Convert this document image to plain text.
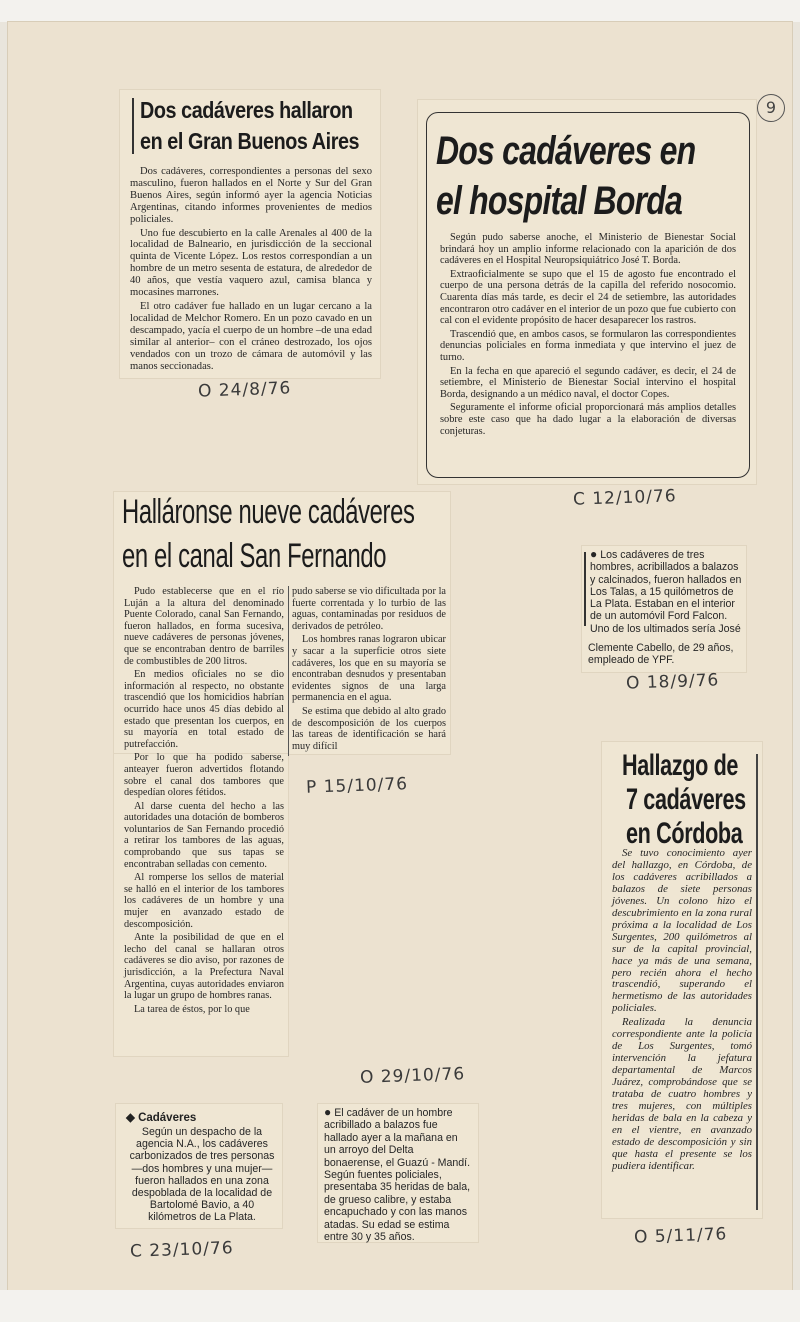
9
Dos cadáveres hallaron
en el Gran Buenos Aires

Dos cadáveres, correspondientes a personas del sexo masculino, fueron hallados en el Norte y Sur del Gran Buenos Aires, según informó ayer la agencia Noticias Argentinas, citando informes provenientes de medios policiales.

Uno fue descubierto en la calle Arenales al 400 de la localidad de Balneario, en jurisdicción de la seccional quinta de Vicente López. Los restos correspondían a un hombre de un metro sesenta de estatura, de alrededor de 40 años, que vestía vaquero azul, camisa blanca y mocasines marrones.

El otro cadáver fue hallado en un lugar cercano a la localidad de Melchor Romero. En un pozo cavado en un descampado, yacía el cuerpo de un hombre –de una edad similar al anterior– con el cráneo destrozado, los ojos vendados con un trozo de cámara de automóvil y las manos seccionadas.

O 24/8/76
Dos cadáveres en
el hospital Borda

Según pudo saberse anoche, el Ministerio de Bienestar Social brindará hoy un amplio informe relacionado con la aparición de dos cadáveres en el Hospital Neuropsiquiátrico José T. Borda.

Extraoficialmente se supo que el 15 de agosto fue encontrado el cuerpo de una persona detrás de la capilla del referido nosocomio. Cuarenta días más tarde, es decir el 24 de setiembre, las autoridades encontraron otro cadáver en el interior de un pozo que fue cubierto con cal con el evidente propósito de hacer desaparecer los rastros.

Trascendió que, en ambos casos, se formularon las correspondientes denuncias policiales en forma inmediata y que intervino el juez de turno.

En la fecha en que apareció el segundo cadáver, es decir, el 24 de setiembre, el Ministerio de Bienestar Social intervino el hospital Borda, designando a un médico naval, el doctor Copes.

Seguramente el informe oficial proporcionará más amplios detalles sobre este caso que ha dado lugar a la elaboración de diversas conjeturas.

C 12/10/76
Halláronse nueve cadáveres
en el canal San Fernando

Pudo establecerse que en el río Luján a la altura del denominado Puente Colorado, canal San Fernando, fueron hallados, en forma sucesiva, nueve cadáveres de personas jóvenes, que se encontraban dentro de barriles de combustibles de 200 litros.

En medios oficiales no se dio información al respecto, no obstante trascendió que los homicidios habrían ocurrido hace unos 45 días debido al estado que presentan los cuerpos, en su mayoría en total estado de putrefacción.

Por lo que ha podido saberse, anteayer fueron advertidos flotando sobre el canal dos tambores que despedían olores fétidos.

Al darse cuenta del hecho a las autoridades una dotación de bomberos voluntarios de San Fernando procedió a retirar los tambores de las aguas, comprobando que sus tapas se encontraban selladas con cemento.

Al romperse los sellos de material se halló en el interior de los tambores los cadáveres de un hombre y una mujer en avanzado estado de descomposición.

Ante la posibilidad de que en el lecho del canal se hallaran otros cadáveres se dio aviso, por razones de jurisdicción, a la Prefectura Naval Argentina, cuyas autoridades enviaron la lugar un grupo de hombres ranas.

La tarea de éstos, por lo que

pudo saberse se vio dificultada por la fuerte correntada y lo turbio de las aguas, contaminadas por residuos de derivados de petróleo.

Los hombres ranas lograron ubicar y sacar a la superficie otros siete cadáveres, los que en su mayoría se encontraban desnudos y presentaban evidentes signos de una larga permanencia en el agua.

Se estima que debido al alto grado de descomposición de los cuerpos las tareas de identificación se hará muy difícil

P 15/10/76
● Los cadáveres de tres hombres, acribillados a balazos y calcinados, fueron hallados en Los Talas, a 15 quilómetros de La Plata. Estaban en el interior de un automóvil Ford Falcon. Uno de los ultimados sería José
Clemente Cabello, de 29 años, empleado de YPF.
O 18/9/76
Hallazgo de
7 cadáveres
en Córdoba

Se tuvo conocimiento ayer del hallazgo, en Córdoba, de los cadáveres acribillados a balazos de siete personas jóvenes. Un colono hizo el descubrimiento en la zona rural próxima a la localidad de Los Surgentes, 200 quilómetros al sur de la capital provincial, hace ya más de una semana, pero recién ahora el hecho trascendió, superando el hermetismo de las autoridades policiales.

Realizada la denuncia correspondiente ante la policía de Los Surgentes, tomó intervención la jefatura departamental de Marcos Juárez, comprobándose que se trataba de cuatro hombres y tres mujeres, con múltiples heridas de bala en la cabeza y en el vientre, en avanzado estado de descomposición y sin que hasta el presente se los pudiera identificar.

O 5/11/76
◆ Cadáveres
Según un despacho de la agencia N.A., los cadáveres carbonizados de tres personas —dos hombres y una mujer— fueron hallados en una zona despoblada de la localidad de Bartolomé Bavio, a 40 kilómetros de La Plata.
C 23/10/76
● El cadáver de un hombre acribillado a balazos fue hallado ayer a la mañana en un arroyo del Delta bonaerense, el Guazú - Mandí. Según fuentes policiales, presentaba 35 heridas de bala, de grueso calibre, y estaba encapuchado y con las manos atadas. Su edad se estima entre 30 y 35 años.
O 29/10/76
